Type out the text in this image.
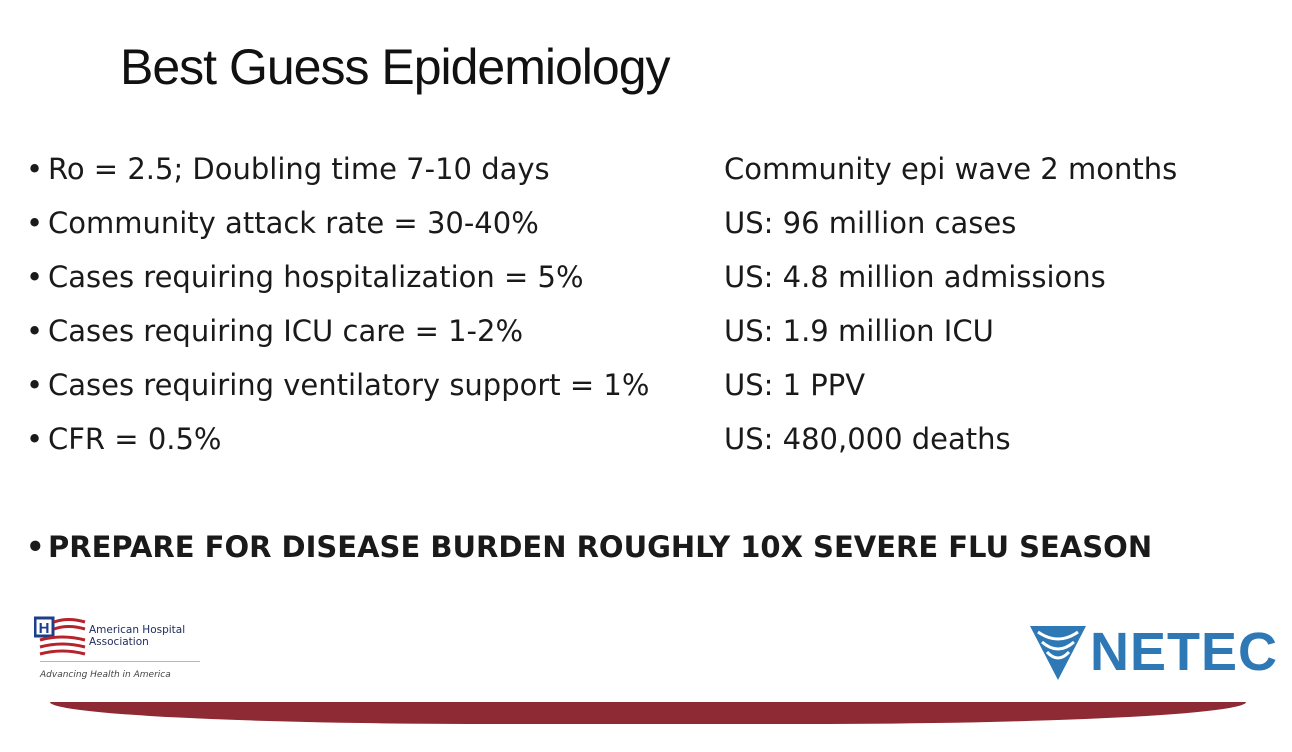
Best Guess Epidemiology
• Ro = 2.5; Doubling time 7-10 days	Community epi wave 2 months
• Community attack rate = 30-40%	US: 96 million cases
• Cases requiring hospitalization = 5%	US: 4.8 million admissions
• Cases requiring ICU care = 1-2%	US: 1.9 million ICU
• Cases requiring ventilatory support = 1%	US: 1 PPV
• CFR = 0.5%	US: 480,000 deaths
• PREPARE FOR DISEASE BURDEN ROUGHLY 10X SEVERE FLU SEASON
H	American Hospital
Association
Advancing Health in America	NETEC
